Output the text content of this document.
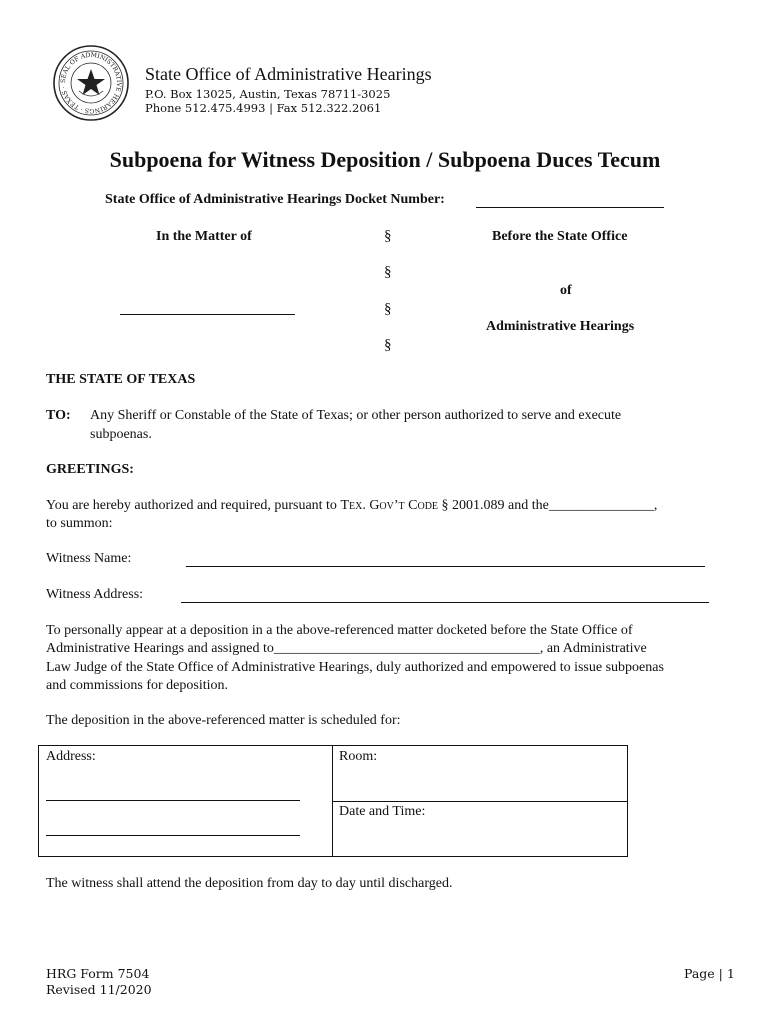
SEAL OF ADMINISTRATIVE HEARINGS · TEXAS ·
State Office of Administrative Hearings
P.O. Box 13025, Austin, Texas 78711-3025
Phone 512.475.4993 | Fax 512.322.2061
Subpoena for Witness Deposition / Subpoena Duces Tecum
State Office of Administrative Hearings Docket Number:
In the Matter of	§
§
§
§
Before the State Office
of
Administrative Hearings
THE STATE OF TEXAS
TO: Any Sheriff or Constable of the State of Texas; or other person authorized to serve and execute
subpoenas.
GREETINGS:
You are hereby authorized and required, pursuant to Tex. Gov’t Code § 2001.089 and the_______________,
to summon:
Witness Name:
Witness Address:
To personally appear at a deposition in a the above-referenced matter docketed before the State Office of
Administrative Hearings and assigned to______________________________________, an Administrative
Law Judge of the State Office of Administrative Hearings, duly authorized and empowered to issue subpoenas
and commissions for deposition.
The deposition in the above-referenced matter is scheduled for:
Address:	Room:
Date and Time:
The witness shall attend the deposition from day to day until discharged.
HRG Form 7504
Revised 11/2020
Page | 1
